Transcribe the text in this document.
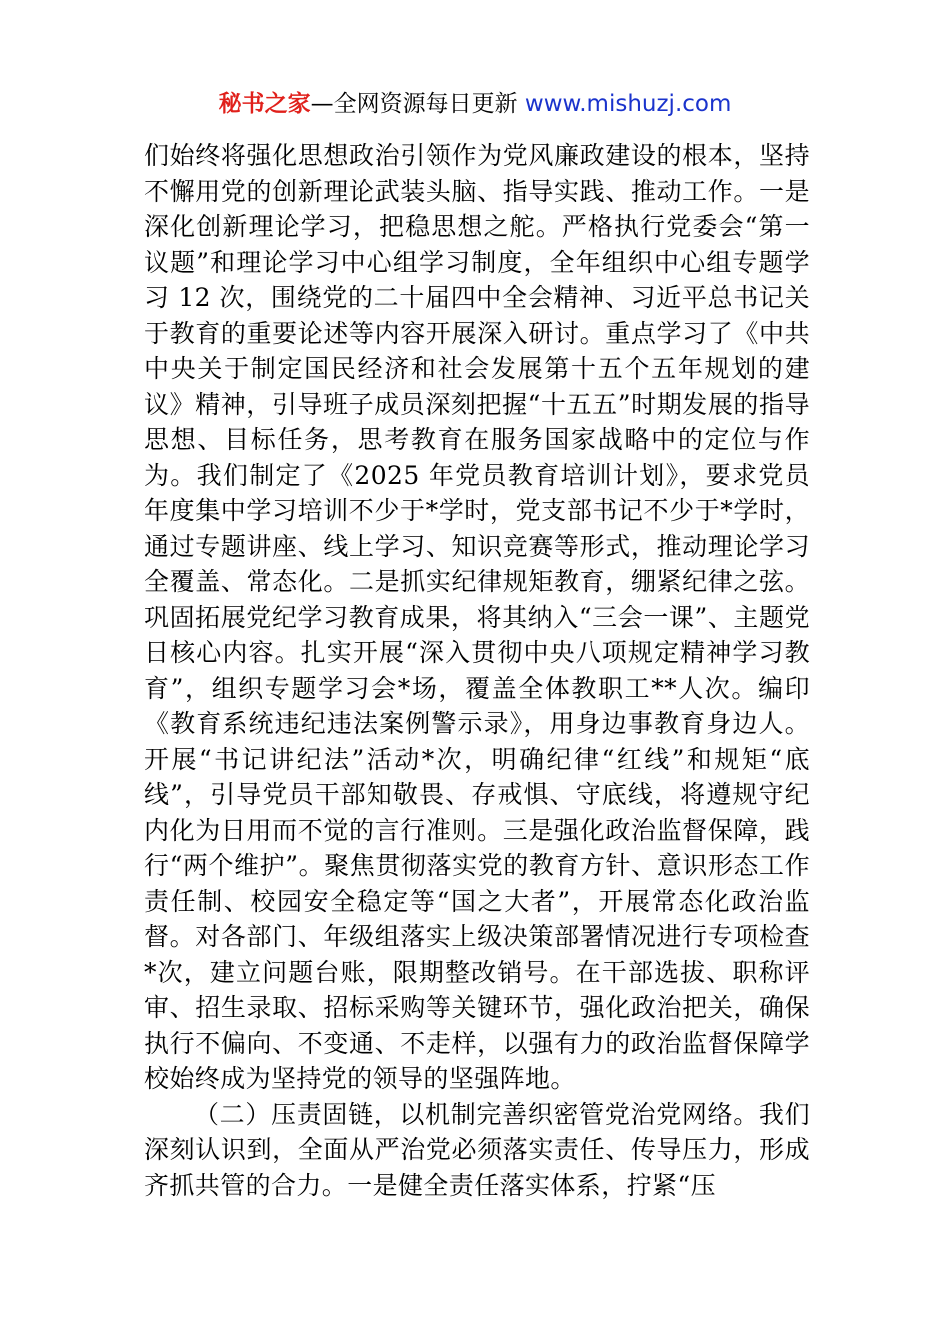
秘书之家—全网资源每日更新 www.mishuzj.com

们始终将强化思想政治引领作为党风廉政建设的根本，坚持不懈用党的创新理论武装头脑、指导实践、推动工作。一是深化创新理论学习，把稳思想之舵。严格执行党委会“第一议题”和理论学习中心组学习制度，全年组织中心组专题学习 12 次，围绕党的二十届四中全会精神、习近平总书记关于教育的重要论述等内容开展深入研讨。重点学习了《中共中央关于制定国民经济和社会发展第十五个五年规划的建议》精神，引导班子成员深刻把握“十五五”时期发展的指导思想、目标任务，思考教育在服务国家战略中的定位与作为。我们制定了《2025 年党员教育培训计划》，要求党员年度集中学习培训不少于*学时，党支部书记不少于*学时，通过专题讲座、线上学习、知识竞赛等形式，推动理论学习全覆盖、常态化。二是抓实纪律规矩教育，绷紧纪律之弦。巩固拓展党纪学习教育成果，将其纳入“三会一课”、主题党日核心内容。扎实开展“深入贯彻中央八项规定精神学习教育”，组织专题学习会*场，覆盖全体教职工**人次。编印《教育系统违纪违法案例警示录》，用身边事教育身边人。开展“书记讲纪法”活动*次，明确纪律“红线”和规矩“底线”，引导党员干部知敬畏、存戒惧、守底线，将遵规守纪内化为日用而不觉的言行准则。三是强化政治监督保障，践行“两个维护”。聚焦贯彻落实党的教育方针、意识形态工作责任制、校园安全稳定等“国之大者”，开展常态化政治监督。对各部门、年级组落实上级决策部署情况进行专项检查*次，建立问题台账，限期整改销号。在干部选拔、职称评审、招生录取、招标采购等关键环节，强化政治把关，确保执行不偏向、不变通、不走样，以强有力的政治监督保障学校始终成为坚持党的领导的坚强阵地。

（二）压责固链，以机制完善织密管党治党网络。我们深刻认识到，全面从严治党必须落实责任、传导压力，形成齐抓共管的合力。一是健全责任落实体系，拧紧“压
